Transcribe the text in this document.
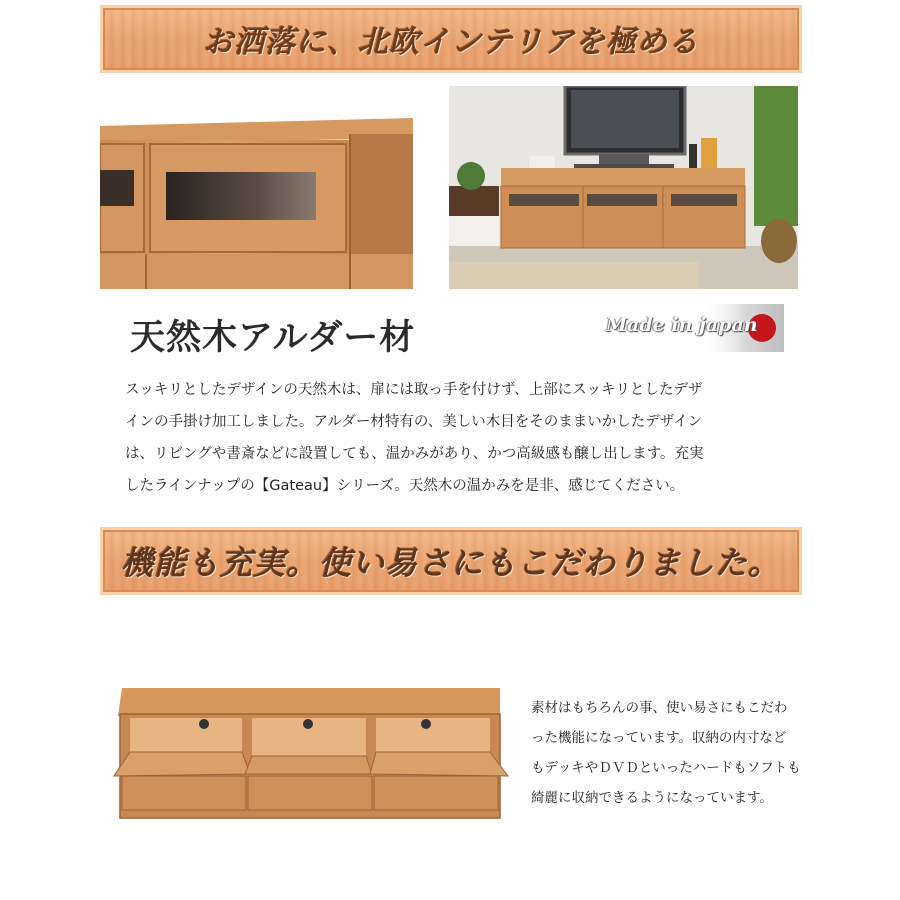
お洒落に、北欧インテリアを極める
天然木アルダー材	Made in japan

スッキリとしたデザインの天然木は、扉には取っ手を付けず、上部にスッキリとしたデザ
インの手掛け加工しました。アルダー材特有の、美しい木目をそのままいかしたデザイン
は、リビングや書斎などに設置しても、温かみがあり、かつ高級感も醸し出します。充実
したラインナップの【Gateau】シリーズ。天然木の温かみを是非、感じてください。

機能も充実。使い易さにもこだわりました。

素材はもちろんの事、使い易さにもこだわ
った機能になっています。収納の内寸など
もデッキやＤＶＤといったハードもソフトも
綺麗に収納できるようになっています。
